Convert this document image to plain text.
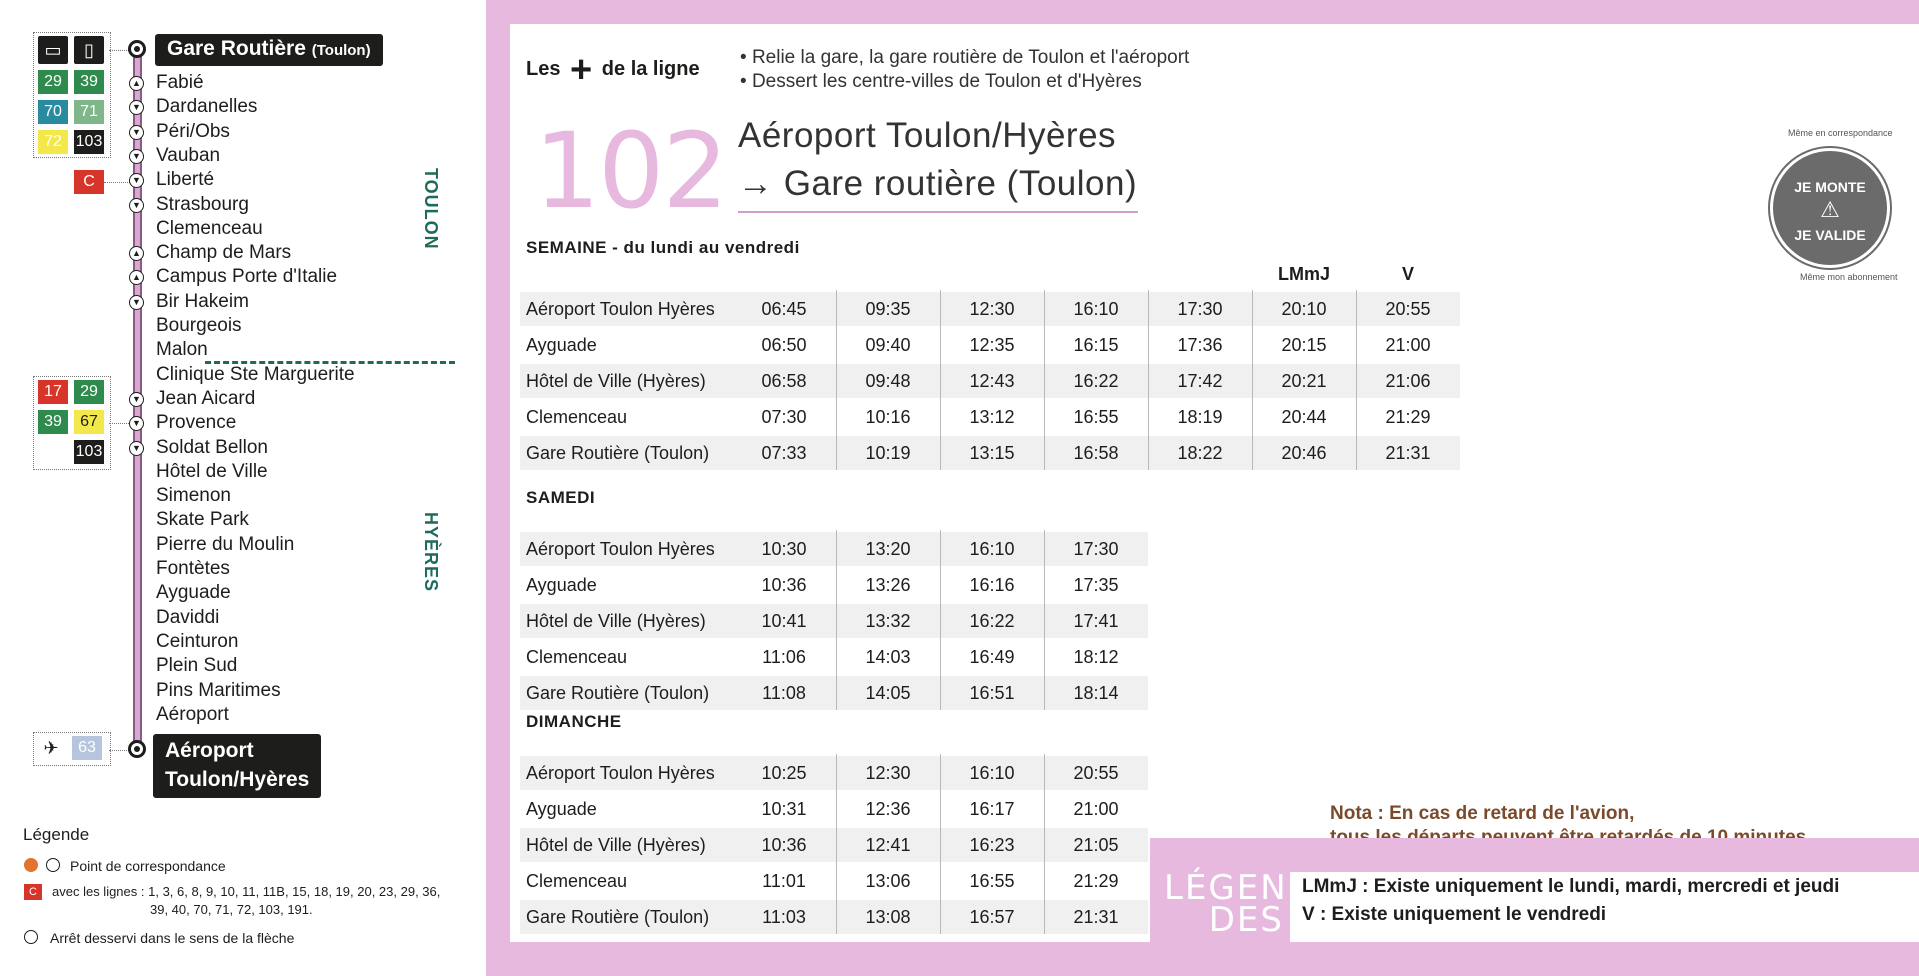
▭	▯	Gare Routière (Toulon)
29	39
70	71
72 103
C
17	29
39	67
103
Fabié
▲
Dardanelles
▼
Péri/Obs
▼
Vauban
▼
Liberté
▼
Strasbourg
▼
Clemenceau
Champ de Mars
▲
Campus Porte d'Italie
▲
Bir Hakeim
▼
Bourgeois
Malon
Clinique Ste Marguerite
Jean Aicard
▼
Provence
▼
Soldat Bellon
▼
Hôtel de Ville
Simenon
Skate Park
Pierre du Moulin
Fontètes
Ayguade
Daviddi
Ceinturon
Plein Sud
Pins Maritimes
Aéroport
TOULON
HYÈRES
✈	63	Aéroport
Toulon/Hyères
Légende
Point de correspondance
C	avec les lignes : 1, 3, 6, 8, 9, 10, 11, 11B, 15, 18, 19, 20, 23, 29, 36,
39, 40, 70, 71, 72, 103, 191.
Arrêt desservi dans le sens de la flèche
Les + de la ligne
• Relie la gare, la gare routière de Toulon et l'aéroport
• Dessert les centre-villes de Toulon et d'Hyères
102 Aéroport Toulon/Hyères
→ Gare routière (Toulon)	JE MONTE
⚠
JE VALIDE
Même en correspondance
Même mon abonnement
SEMAINE - du lundi au vendredi
LMmJ	V
Aéroport Toulon Hyères	06:45	09:35	12:30	16:10	17:30	20:10	20:55
Ayguade	06:50	09:40	12:35	16:15	17:36	20:15	21:00
Hôtel de Ville (Hyères)	06:58	09:48	12:43	16:22	17:42	20:21	21:06
Clemenceau	07:30	10:16	13:12	16:55	18:19	20:44	21:29
Gare Routière (Toulon)	07:33	10:19	13:15	16:58	18:22	20:46	21:31
SAMEDI
Aéroport Toulon Hyères	10:30	13:20	16:10	17:30
Ayguade	10:36	13:26	16:16	17:35
Hôtel de Ville (Hyères)	10:41	13:32	16:22	17:41
Clemenceau	11:06	14:03	16:49	18:12
Gare Routière (Toulon)	11:08	14:05	16:51	18:14
DIMANCHE
Aéroport Toulon Hyères	10:25	12:30	16:10	20:55
Ayguade	10:31	12:36	16:17	21:00
Hôtel de Ville (Hyères)	10:36	12:41	16:23	21:05
Clemenceau	11:01	13:06	16:55	21:29
Gare Routière (Toulon)	11:03	13:08	16:57	21:31
Nota : En cas de retard de l'avion,
LÉGEN
DES
LMmJ : Existe uniquement le lundi, mardi, mercredi et jeudi
V : Existe uniquement le vendredi
